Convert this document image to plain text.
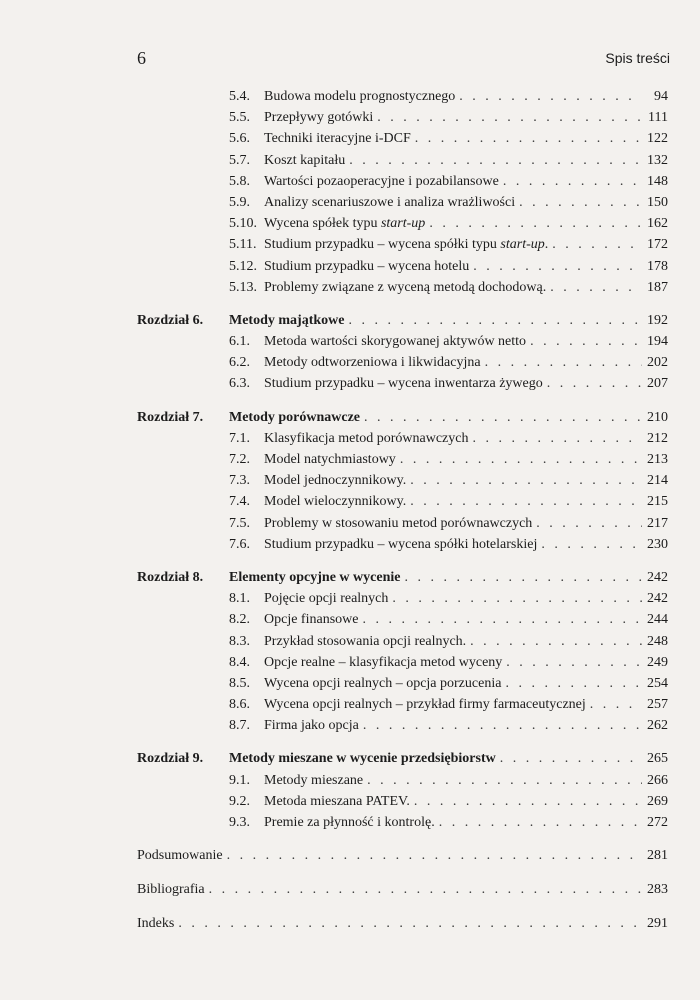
6	Spis treści
5.4.	Budowa modelu prognostycznego . . .	94
5.5.	Przepływy gotówki . . .	111
5.6.	Techniki iteracyjne i-DCF . . .	122
5.7.	Koszt kapitału . . .	132
5.8.	Wartości pozaoperacyjne i pozabilansowe . . .	148
5.9.	Analizy scenariuszowe i analiza wrażliwości . . .	150
5.10. Wycena spółek typu start-up . . .	162
5.11. Studium przypadku – wycena spółki typu start-up. . . .	172
5.12. Studium przypadku – wycena hotelu . . .	178
5.13. Problemy związane z wyceną metodą dochodową. . . .	187
Rozdział 6.	Metody majątkowe . . .	192
6.1.	Metoda wartości skorygowanej aktywów netto . . .	194
6.2.	Metody odtworzeniowa i likwidacyjna . . .	202
6.3.	Studium przypadku – wycena inwentarza żywego . . .	207
Rozdział 7.	Metody porównawcze . . .	210
7.1.	Klasyfikacja metod porównawczych . . .	212
7.2.	Model natychmiastowy . . .	213
7.3.	Model jednoczynnikowy. . . .	214
7.4.	Model wieloczynnikowy. . . .	215
7.5.	Problemy w stosowaniu metod porównawczych . . .	217
7.6.	Studium przypadku – wycena spółki hotelarskiej . . .	230
Rozdział 8.	Elementy opcyjne w wycenie . . .	242
8.1.	Pojęcie opcji realnych . . .	242
8.2.	Opcje finansowe . . .	244
8.3.	Przykład stosowania opcji realnych. . . .	248
8.4.	Opcje realne – klasyfikacja metod wyceny . . .	249
8.5.	Wycena opcji realnych – opcja porzucenia . . .	254
8.6.	Wycena opcji realnych – przykład firmy farmaceutycznej . . .	257
8.7.	Firma jako opcja . . .	262
Rozdział 9.	Metody mieszane w wycenie przedsiębiorstw . . .	265
9.1.	Metody mieszane . . .	266
9.2.	Metoda mieszana PATEV. . . .	269
9.3.	Premie za płynność i kontrolę. . . .	272
Podsumowanie . . .	281
Bibliografia . . .	283
Indeks . . .	291
